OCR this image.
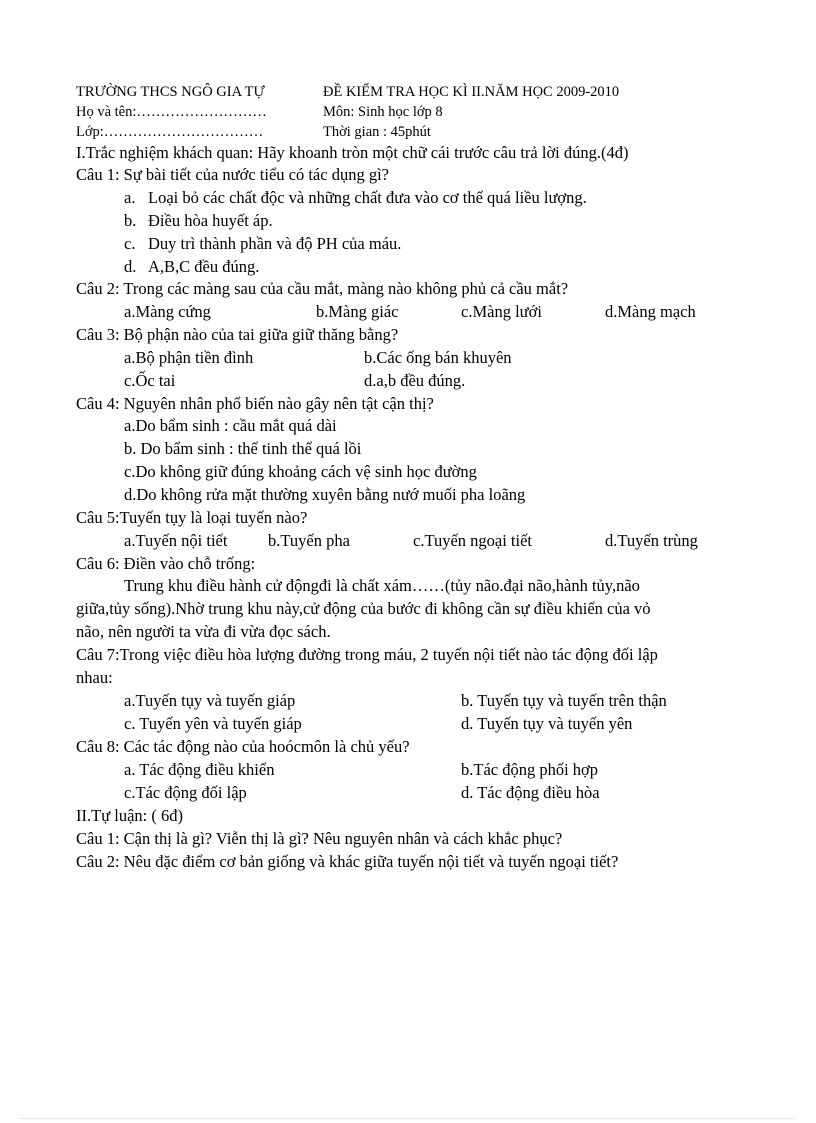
TRƯỜNG THCS NGÔ GIA TỰ	ĐỀ KIỂM TRA HỌC KÌ II.NĂM HỌC 2009-2010
Họ và tên:………………………	Môn: Sinh học lớp 8
Lớp:……………………………	Thời gian : 45phút
I.Trắc nghiệm khách quan: Hãy khoanh tròn một chữ cái trước câu trả lời đúng.(4đ)
Câu 1: Sự bài tiết của nước tiểu có tác dụng gì?
a. Loại bỏ các chất độc và những chất đưa vào cơ thể quá liều lượng.
b. Điều hòa huyết áp.
c. Duy trì thành phần và độ PH của máu.
d. A,B,C đều đúng.
Câu 2: Trong các màng sau của cầu mắt, màng nào không phủ cả cầu mắt?
a.Màng cứng	b.Màng giác	c.Màng lưới	d.Màng mạch
Câu 3: Bộ phận nào của tai giữa giữ thăng bằng?
a.Bộ phận tiền đình	b.Các ống bán khuyên
c.Ốc tai	d.a,b đều đúng.
Câu 4: Nguyên nhân phổ biến nào gây nên tật cận thị?
a.Do bẩm sinh : cầu mắt quá dài
b. Do bẩm sinh : thể tinh thể quá lồi
c.Do không giữ đúng khoảng cách vệ sinh học đường
d.Do không rửa mặt thường xuyên bằng nướ muối pha loãng
Câu 5:Tuyến tụy là loại tuyến nào?
a.Tuyến nội tiết b.Tuyến pha	c.Tuyến ngoại tiết	d.Tuyến trùng
Câu 6: Điền vào chỗ trống:
Trung khu điều hành cử độngđi là chất xám……(tủy não.đại não,hành tủy,não
giữa,tủy sống).Nhờ trung khu này,cử động của bước đi không cần sự điều khiển của vỏ
não, nên người ta vừa đi vừa đọc sách.
Câu 7:Trong việc điều hòa lượng đường trong máu, 2 tuyến nội tiết nào tác động đối lập
nhau:
a.Tuyến tụy và tuyến giáp	b. Tuyến tụy và tuyến trên thận
c. Tuyến yên và tuyến giáp	d. Tuyến tụy và tuyến yên
Câu 8: Các tác động nào của hoócmôn là chủ yếu?
a. Tác động điều khiển	b.Tác động phối hợp
c.Tác động đối lập	d. Tác động điều hòa
II.Tự luận: ( 6đ)
Câu 1: Cận thị là gì? Viễn thị là gì? Nêu nguyên nhân và cách khắc phục?
Câu 2: Nêu đặc điểm cơ bản giống và khác giữa tuyến nội tiết và tuyến ngoại tiết?
